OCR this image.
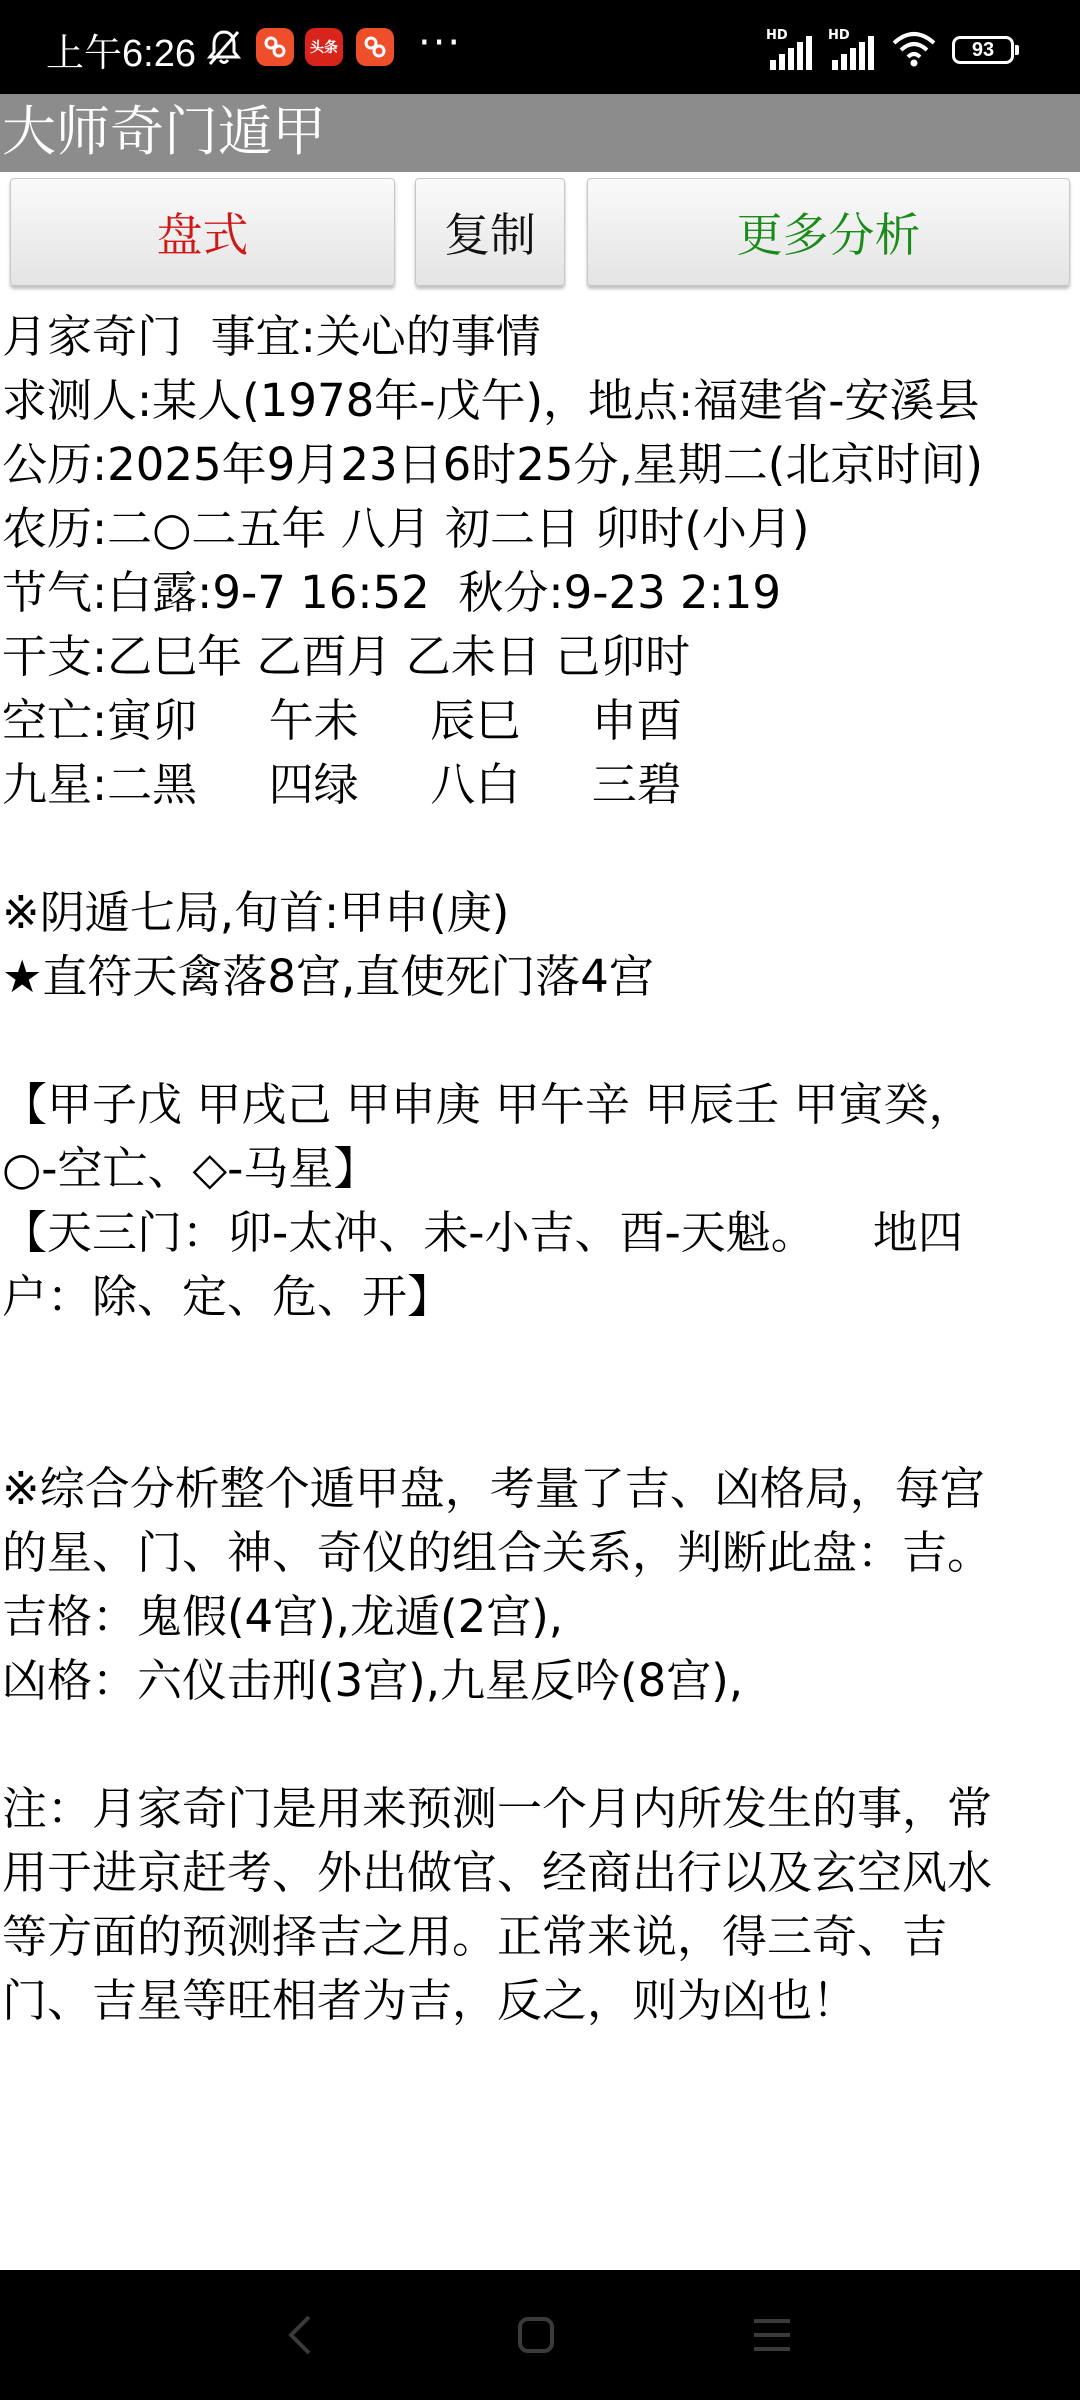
上午6:26	头条 ···	HD	HD
93
大师奇门遁甲
盘式	复制	更多分析

月家奇门  事宜:关心的事情

求测人:某人(1978年-戊午)，地点:福建省-安溪县

公历:2025年9月23日6时25分,星期二(北京时间)

农历:二○二五年 八月 初二日 卯时(小月)

节气:白露:9-7 16:52  秋分:9-23 2:19

干支:乙巳年 乙酉月 乙未日 己卯时

空亡:寅卯     午未     辰巳     申酉

九星:二黑     四绿     八白     三碧

※阴遁七局,旬首:甲申(庚)

★直符天禽落8宫,直使死门落4宫

【甲子戊 甲戌己 甲申庚 甲午辛 甲辰壬 甲寅癸，

○-空亡、◇-马星】

【天三门：卯-太冲、未-小吉、酉-天魁。    地四

户：除、定、危、开】

※综合分析整个遁甲盘，考量了吉、凶格局，每宫

的星、门、神、奇仪的组合关系，判断此盘：吉。

吉格：鬼假(4宫),龙遁(2宫),

凶格：六仪击刑(3宫),九星反吟(8宫),

注：月家奇门是用来预测一个月内所发生的事，常

用于进京赶考、外出做官、经商出行以及玄空风水

等方面的预测择吉之用。正常来说，得三奇、吉

门、吉星等旺相者为吉，反之，则为凶也！
